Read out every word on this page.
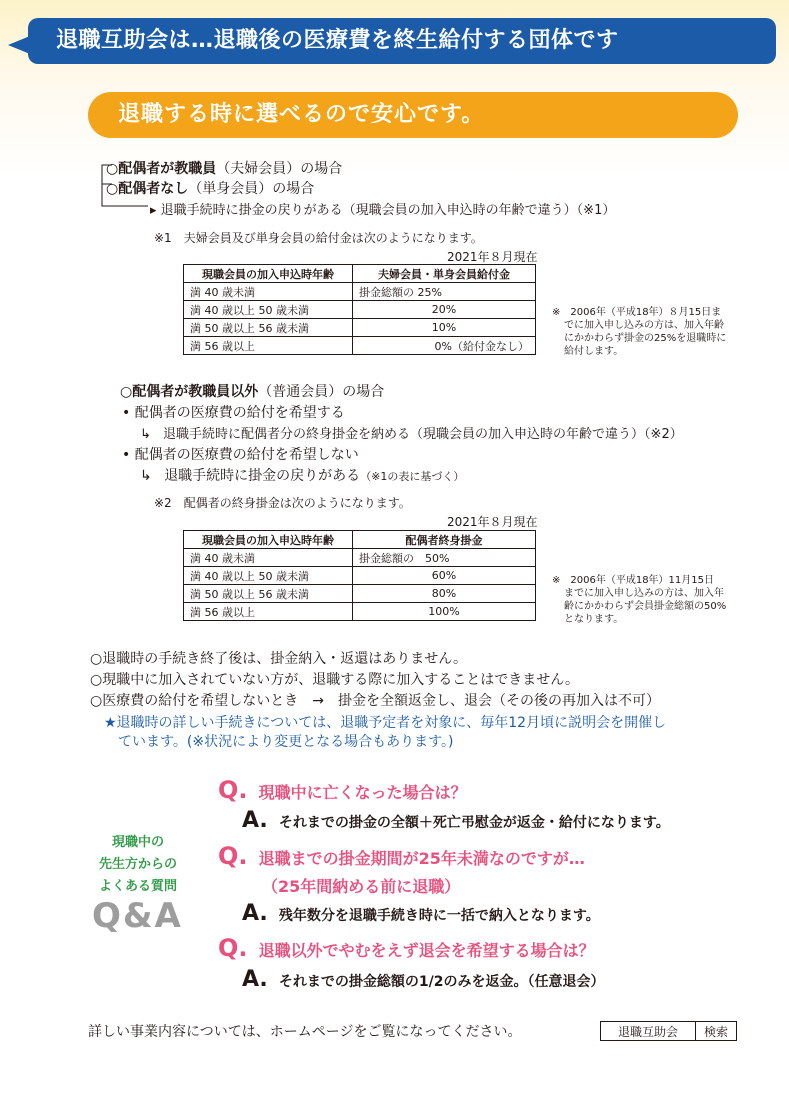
退職互助会は…退職後の医療費を終生給付する団体です
退職する時に選べるので安心です。
○配偶者が教職員（夫婦会員）の場合
○配偶者なし（単身会員）の場合
▸ 退職手続時に掛金の戻りがある（現職会員の加入申込時の年齢で違う）（※1）
※1　夫婦会員及び単身会員の給付金は次のようになります。
2021年８月現在
現職会員の加入申込時年齢	夫婦会員・単身会員給付金
満 40 歳未満	掛金総額の 25%
満 40 歳以上 50 歳未満	20%
満 50 歳以上 56 歳未満	10%
満 56 歳以上	0%（給付金なし）
※　2006年（平成18年）８月15日ま
でに加入申し込みの方は、加入年齢
にかかわらず掛金の25%を退職時に
給付します。
○配偶者が教職員以外（普通会員）の場合
• 配偶者の医療費の給付を希望する
↳ 退職手続時に配偶者分の終身掛金を納める（現職会員の加入申込時の年齢で違う）（※2）
• 配偶者の医療費の給付を希望しない
↳ 退職手続時に掛金の戻りがある（※1の表に基づく）
※2　配偶者の終身掛金は次のようになります。
2021年８月現在
現職会員の加入申込時年齢	配偶者終身掛金
満 40 歳未満	掛金総額の　50%
満 40 歳以上 50 歳未満	60%
満 50 歳以上 56 歳未満	80%
満 56 歳以上	100%
※　2006年（平成18年）11月15日
までに加入申し込みの方は、加入年
齢にかかわらず会員掛金総額の50%
となります。
○退職時の手続き終了後は、掛金納入・返還はありません。
○現職中に加入されていない方が、退職する際に加入することはできません。
○医療費の給付を希望しないとき　→　掛金を全額返金し、退会（その後の再加入は不可）
★退職時の詳しい手続きについては、退職予定者を対象に、毎年12月頃に説明会を開催し
ています。(※状況により変更となる場合もあります。)
現職中の
先生方からの
よくある質問
Q&A
Q. 現職中に亡くなった場合は？
A. それまでの掛金の全額＋死亡弔慰金が返金・給付になります。
Q. 退職までの掛金期間が25年未満なのですが…
（25年間納める前に退職）
A. 残年数分を退職手続き時に一括で納入となります。
Q. 退職以外でやむをえず退会を希望する場合は？
A. それまでの掛金総額の1/2のみを返金。（任意退会）
詳しい事業内容については、ホームページをご覧になってください。	退職互助会	検索
